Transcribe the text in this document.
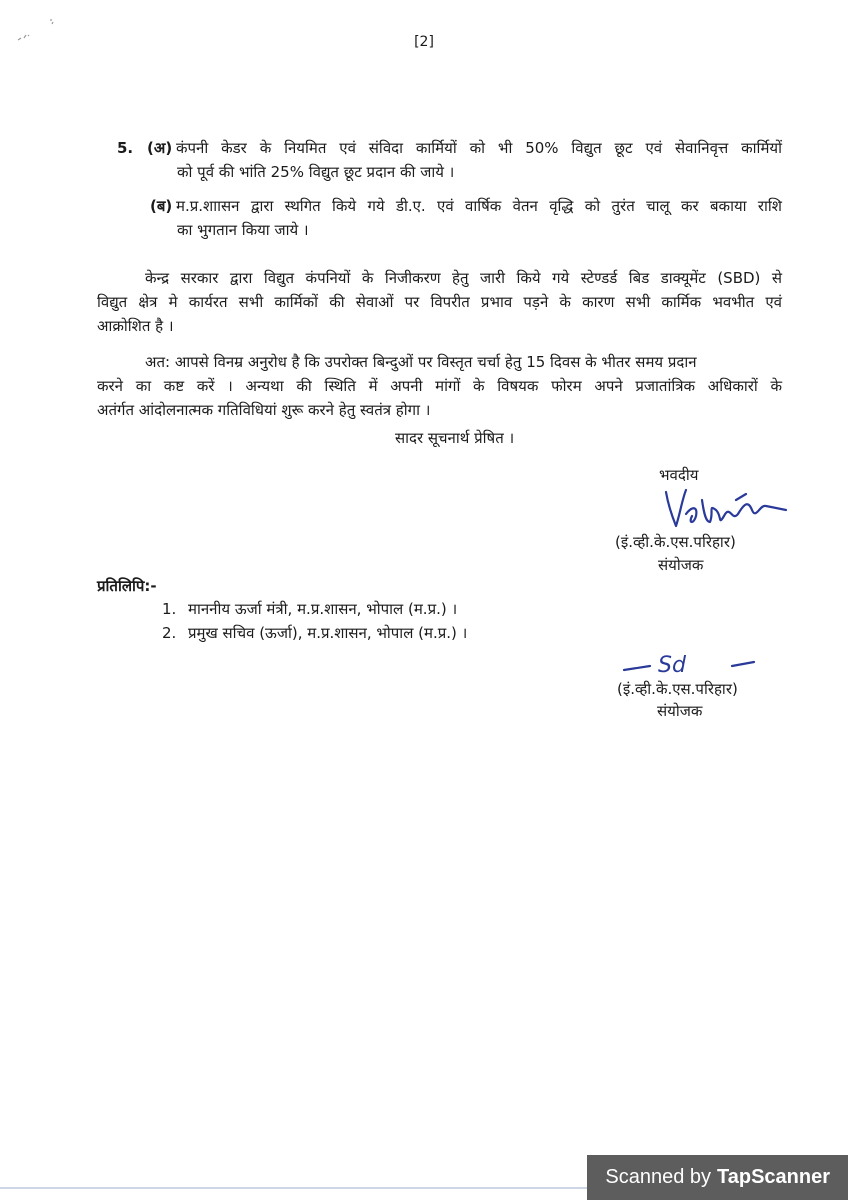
[2]
5. (अ) कंपनी केडर के नियमित एवं संविदा कार्मियों को भी 50% विद्युत छूट एवं सेवानिवृत्त कार्मियों
को पूर्व की भांति 25% विद्युत छूट प्रदान की जाये ।
(ब) म.प्र.शाासन द्वारा स्थगित किये गये डी.ए. एवं वार्षिक वेतन वृद्धि को तुरंत चालू कर बकाया राशि
का भुगतान किया जाये ।
केन्द्र सरकार द्वारा विद्युत कंपनियों के निजीकरण हेतु जारी किये गये स्टेण्डर्ड बिड डाक्यूमेंट (SBD) से
विद्युत क्षेत्र मे कार्यरत सभी कार्मिकों की सेवाओं पर विपरीत प्रभाव पड़ने के कारण सभी कार्मिक भवभीत एवं
आक्रोशित है ।
अत: आपसे विनम्र अनुरोध है कि उपरोक्त बिन्दुओं पर विस्तृत चर्चा हेतु 15 दिवस के भीतर समय प्रदान
करने का कष्ट करें । अन्यथा की स्थिति में अपनी मांगों के विषयक फोरम अपने प्रजातांत्रिक अधिकारों के
अतंर्गत आंदोलनात्मक गतिविधियां शुरू करने हेतु स्वतंत्र होगा ।
सादर सूचनार्थ प्रेषित ।
भवदीय
(इं.व्ही.के.एस.परिहार)
संयोजक
प्रतिलिपि:-
1. माननीय ऊर्जा मंत्री, म.प्र.शासन, भोपाल (म.प्र.) ।
2. प्रमुख सचिव (ऊर्जा), म.प्र.शासन, भोपाल (म.प्र.) ।
Sd
(इं.व्ही.के.एस.परिहार)
संयोजक
Scanned by TapScanner
